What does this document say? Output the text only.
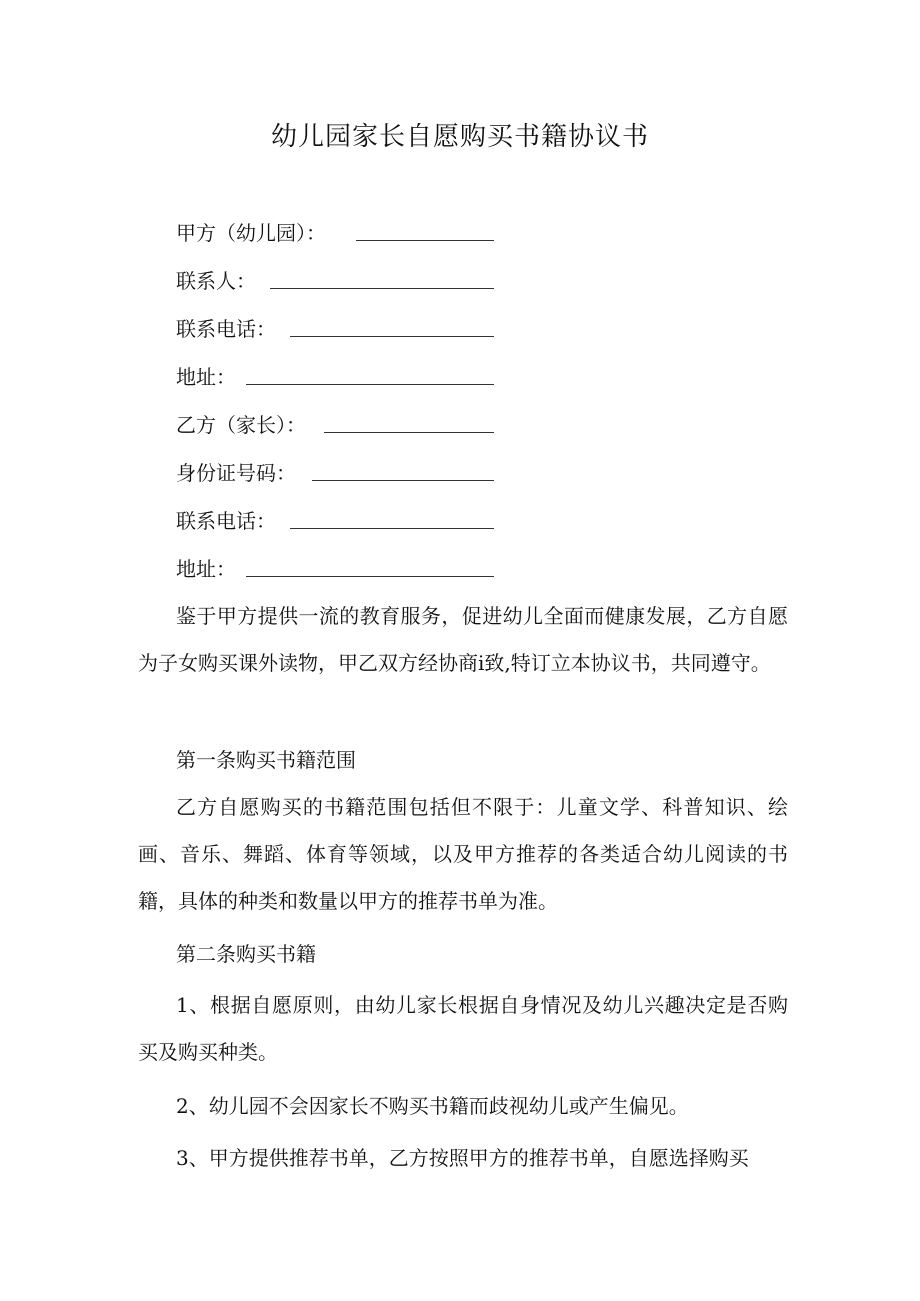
幼儿园家长自愿购买书籍协议书
甲方（幼儿园）：
联系人：
联系电话：
地址：
乙方（家长）：
身份证号码：
联系电话：
地址：

鉴于甲方提供一流的教育服务，促进幼儿全面而健康发展，乙方自愿为子女购买课外读物，甲乙双方经协商i致,特订立本协议书，共同遵守。

第一条购买书籍范围

乙方自愿购买的书籍范围包括但不限于：儿童文学、科普知识、绘画、音乐、舞蹈、体育等领域，以及甲方推荐的各类适合幼儿阅读的书籍，具体的种类和数量以甲方的推荐书单为准。

第二条购买书籍

1、根据自愿原则，由幼儿家长根据自身情况及幼儿兴趣决定是否购买及购买种类。

2、幼儿园不会因家长不购买书籍而歧视幼儿或产生偏见。

3、甲方提供推荐书单，乙方按照甲方的推荐书单，自愿选择购买
